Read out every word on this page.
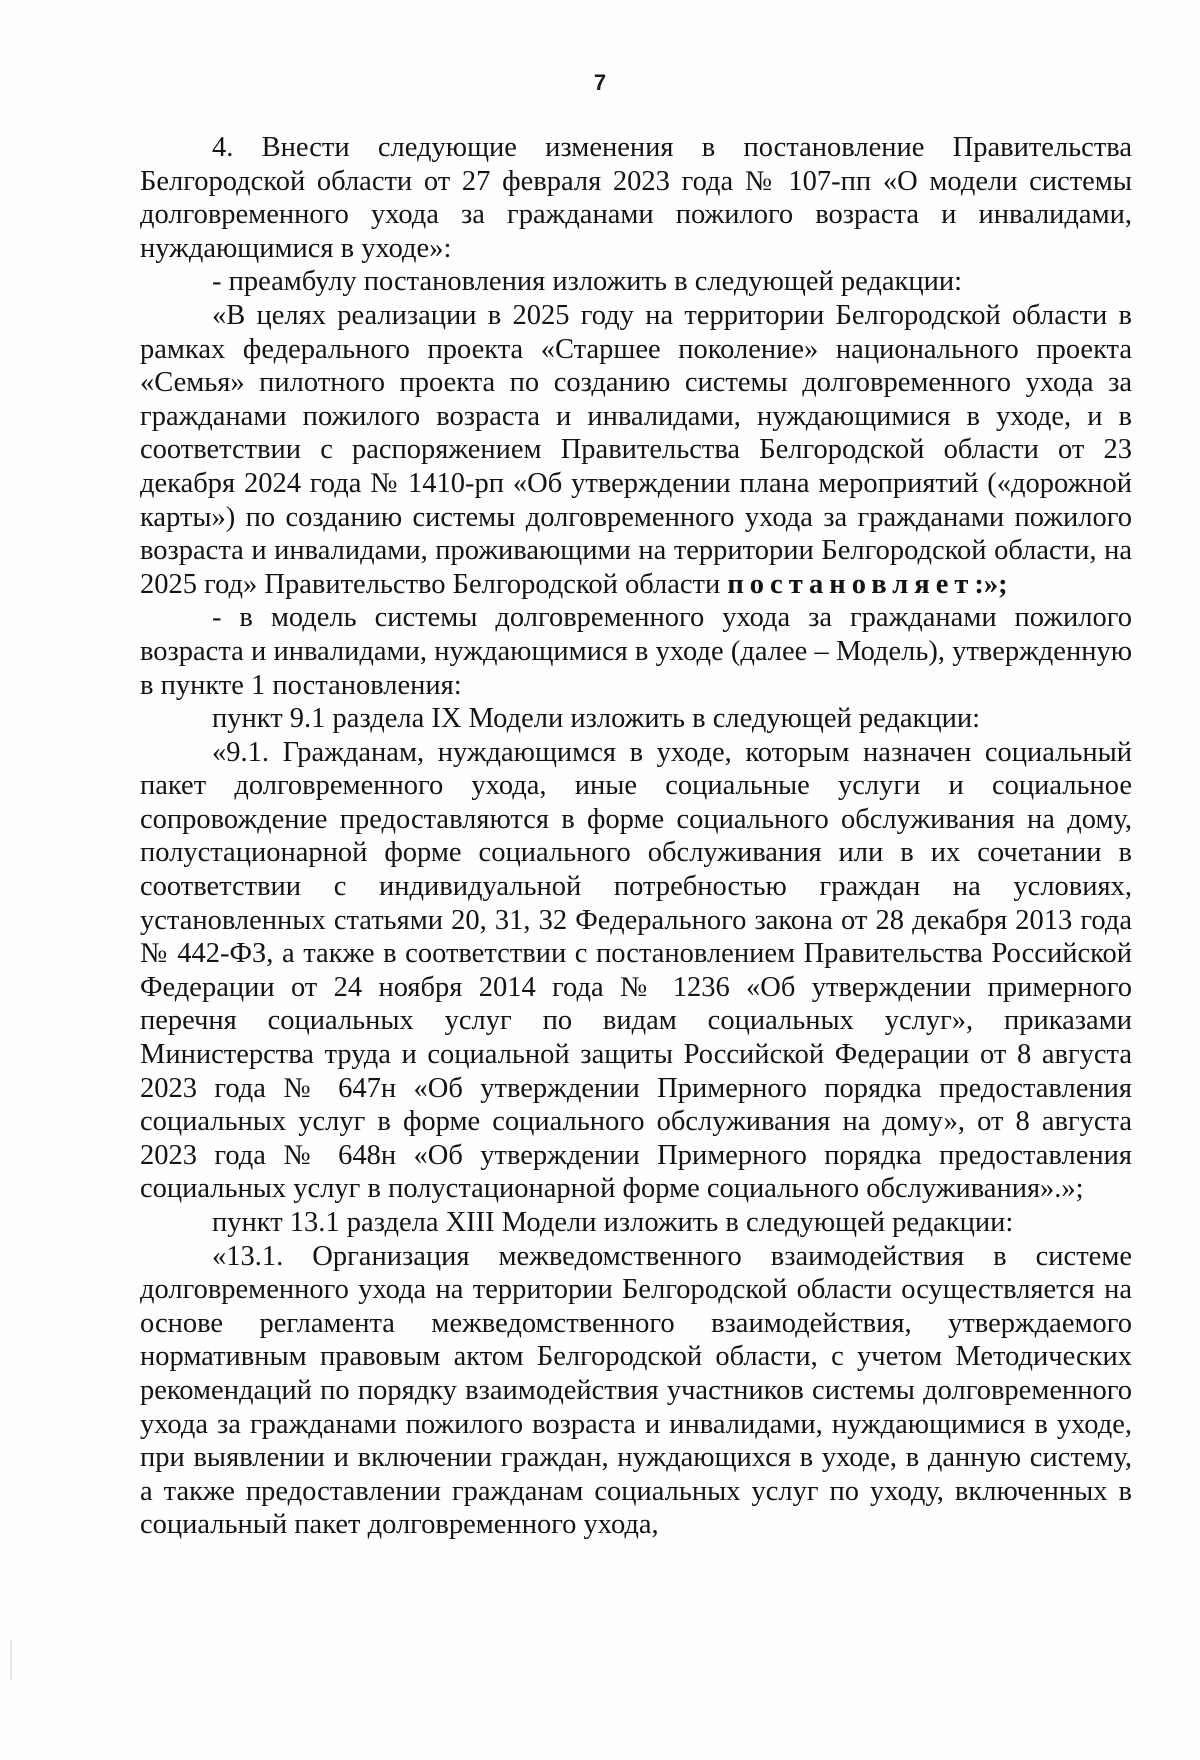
7

4. Внести следующие изменения в постановление Правительства Белгородской области от 27 февраля 2023 года № 107-пп «О модели системы долговременного ухода за гражданами пожилого возраста и инвалидами, нуждающимися в уходе»:

- преамбулу постановления изложить в следующей редакции:

«В целях реализации в 2025 году на территории Белгородской области в рамках федерального проекта «Старшее поколение» национального проекта «Семья» пилотного проекта по созданию системы долговременного ухода за гражданами пожилого возраста и инвалидами, нуждающимися в уходе, и в соответствии с распоряжением Правительства Белгородской области от 23 декабря 2024 года № 1410-рп «Об утверждении плана мероприятий («дорожной карты») по созданию системы долговременного ухода за гражданами пожилого возраста и инвалидами, проживающими на территории Белгородской области, на 2025 год» Правительство Белгородской области постановляет:»;

- в модель системы долговременного ухода за гражданами пожилого возраста и инвалидами, нуждающимися в уходе (далее – Модель), утвержденную в пункте 1 постановления:

пункт 9.1 раздела IX Модели изложить в следующей редакции:

«9.1. Гражданам, нуждающимся в уходе, которым назначен социальный пакет долговременного ухода, иные социальные услуги и социальное сопровождение предоставляются в форме социального обслуживания на дому, полустационарной форме социального обслуживания или в их сочетании в соответствии с индивидуальной потребностью граждан на условиях, установленных статьями 20, 31, 32 Федерального закона от 28 декабря 2013 года № 442-ФЗ, а также в соответствии с постановлением Правительства Российской Федерации от 24 ноября 2014 года № 1236 «Об утверждении примерного перечня социальных услуг по видам социальных услуг», приказами Министерства труда и социальной защиты Российской Федерации от 8 августа 2023 года № 647н «Об утверждении Примерного порядка предоставления социальных услуг в форме социального обслуживания на дому», от 8 августа 2023 года № 648н «Об утверждении Примерного порядка предоставления социальных услуг в полустационарной форме социального обслуживания».»;

пункт 13.1 раздела XIII Модели изложить в следующей редакции:

«13.1. Организация межведомственного взаимодействия в системе долговременного ухода на территории Белгородской области осуществляется на основе регламента межведомственного взаимодействия, утверждаемого нормативным правовым актом Белгородской области, с учетом Методических рекомендаций по порядку взаимодействия участников системы долговременного ухода за гражданами пожилого возраста и инвалидами, нуждающимися в уходе, при выявлении и включении граждан, нуждающихся в уходе, в данную систему, а также предоставлении гражданам социальных услуг по уходу, включенных в социальный пакет долговременного ухода,
